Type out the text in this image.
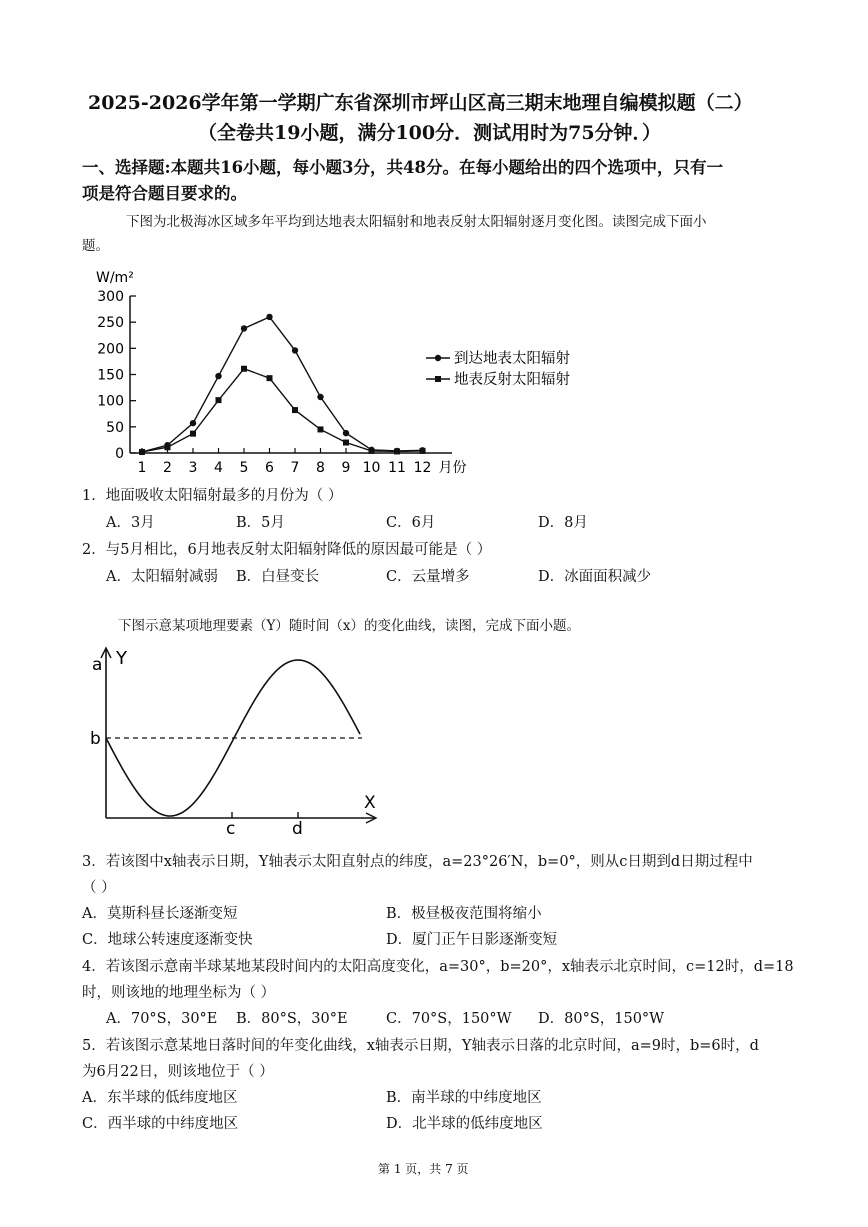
2025-2026学年第一学期广东省深圳市坪山区高三期末地理自编模拟题（二）
（全卷共19小题，满分100分．测试用时为75分钟．）
一、选择题:本题共16小题，每小题3分，共48分。在每小题给出的四个选项中，只有一
项是符合题目要求的。
下图为北极海冰区域多年平均到达地表太阳辐射和地表反射太阳辐射逐月变化图。读图完成下面小
题。
W/m²
0
50
100
150
200
250
300
1 2 3 4 5 6 7 8 9 10 11 12 月份
到达地表太阳辐射
地表反射太阳辐射
1．地面吸收太阳辐射最多的月份为（ ）
A．3月	B．5月	C．6月	D．8月
2．与5月相比，6月地表反射太阳辐射降低的原因最可能是（ ）
A．太阳辐射减弱 B．白昼变长	C．云量增多	D．冰面面积减少
下图示意某项地理要素（Y）随时间（x）的变化曲线，读图，完成下面小题。
a Y
b
X
c	d
3．若该图中x轴表示日期，Y轴表示太阳直射点的纬度，a=23°26′N，b=0°，则从c日期到d日期过程中
（ ）
A．莫斯科昼长逐渐变短	B．极昼极夜范围将缩小
C．地球公转速度逐渐变快	D．厦门正午日影逐渐变短
4．若该图示意南半球某地某段时间内的太阳高度变化，a=30°，b=20°，x轴表示北京时间，c=12时，d=18
时，则该地的地理坐标为（ ）
A．70°S，30°E B．80°S，30°E	C．70°S，150°W D．80°S，150°W
5．若该图示意某地日落时间的年变化曲线，x轴表示日期，Y轴表示日落的北京时间，a=9时，b=6时，d
为6月22日，则该地位于（ ）
A．东半球的低纬度地区	B．南半球的中纬度地区
C．西半球的中纬度地区	D．北半球的低纬度地区
第 1 页，共 7 页
